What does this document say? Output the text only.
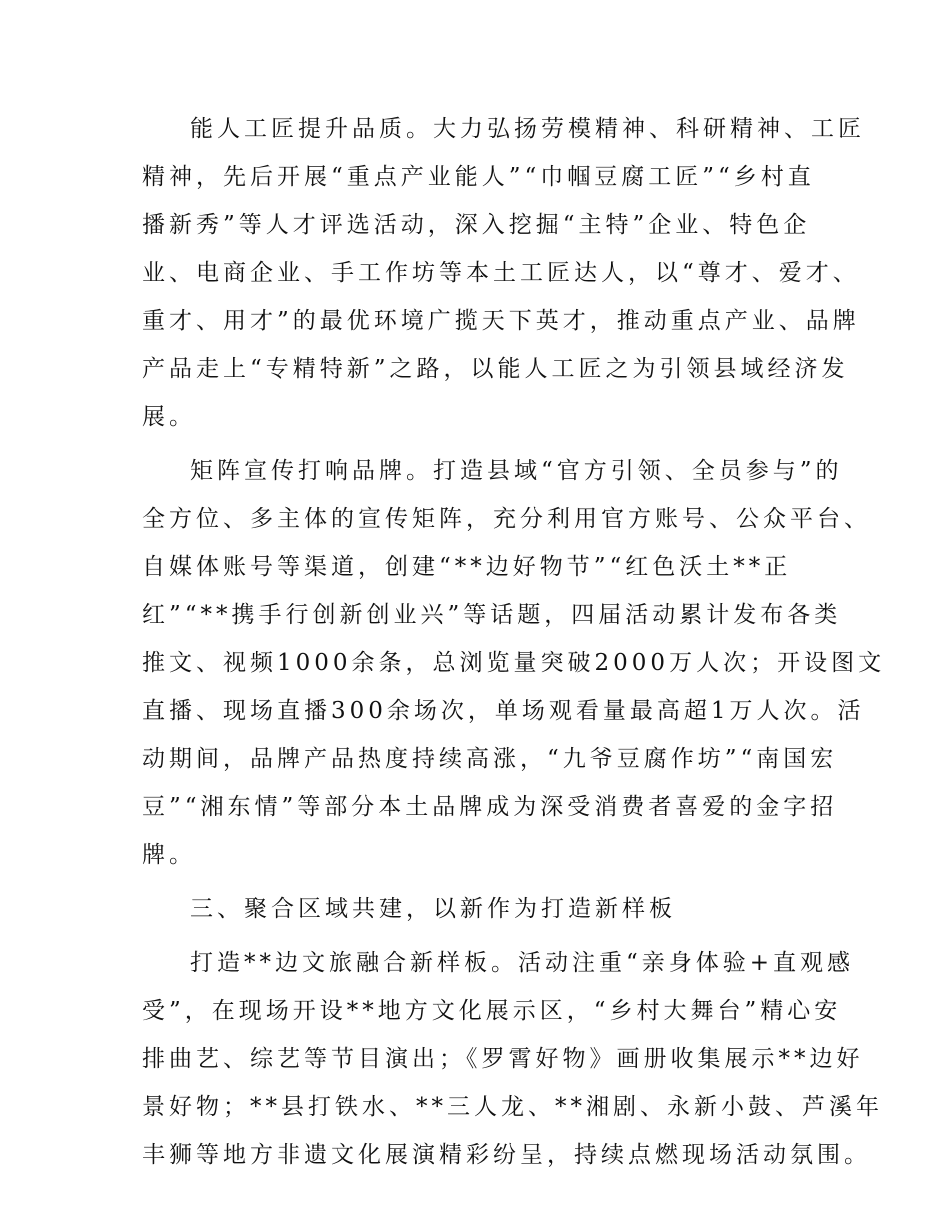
能人工匠提升品质。大力弘扬劳模精神、科研精神、工匠
精神，先后开展“重点产业能人”“巾帼豆腐工匠”“乡村直
播新秀”等人才评选活动，深入挖掘“主特”企业、特色企
业、电商企业、手工作坊等本土工匠达人，以“尊才、爱才、
重才、用才”的最优环境广揽天下英才，推动重点产业、品牌
产品走上“专精特新”之路，以能人工匠之为引领县域经济发
展。
矩阵宣传打响品牌。打造县域“官方引领、全员参与”的
全方位、多主体的宣传矩阵，充分利用官方账号、公众平台、
自媒体账号等渠道，创建“**边好物节”“红色沃土**正
红”“**携手行创新创业兴”等话题，四届活动累计发布各类
推文、视频1000余条，总浏览量突破2000万人次；开设图文
直播、现场直播300余场次，单场观看量最高超1万人次。活
动期间，品牌产品热度持续高涨，“九爷豆腐作坊”“南国宏
豆”“湘东情”等部分本土品牌成为深受消费者喜爱的金字招
牌。
三、聚合区域共建，以新作为打造新样板
打造**边文旅融合新样板。活动注重“亲身体验+直观感
受”，在现场开设**地方文化展示区，“乡村大舞台”精心安
排曲艺、综艺等节目演出；《罗霄好物》画册收集展示**边好
景好物；**县打铁水、**三人龙、**湘剧、永新小鼓、芦溪年
丰狮等地方非遗文化展演精彩纷呈，持续点燃现场活动氛围。
